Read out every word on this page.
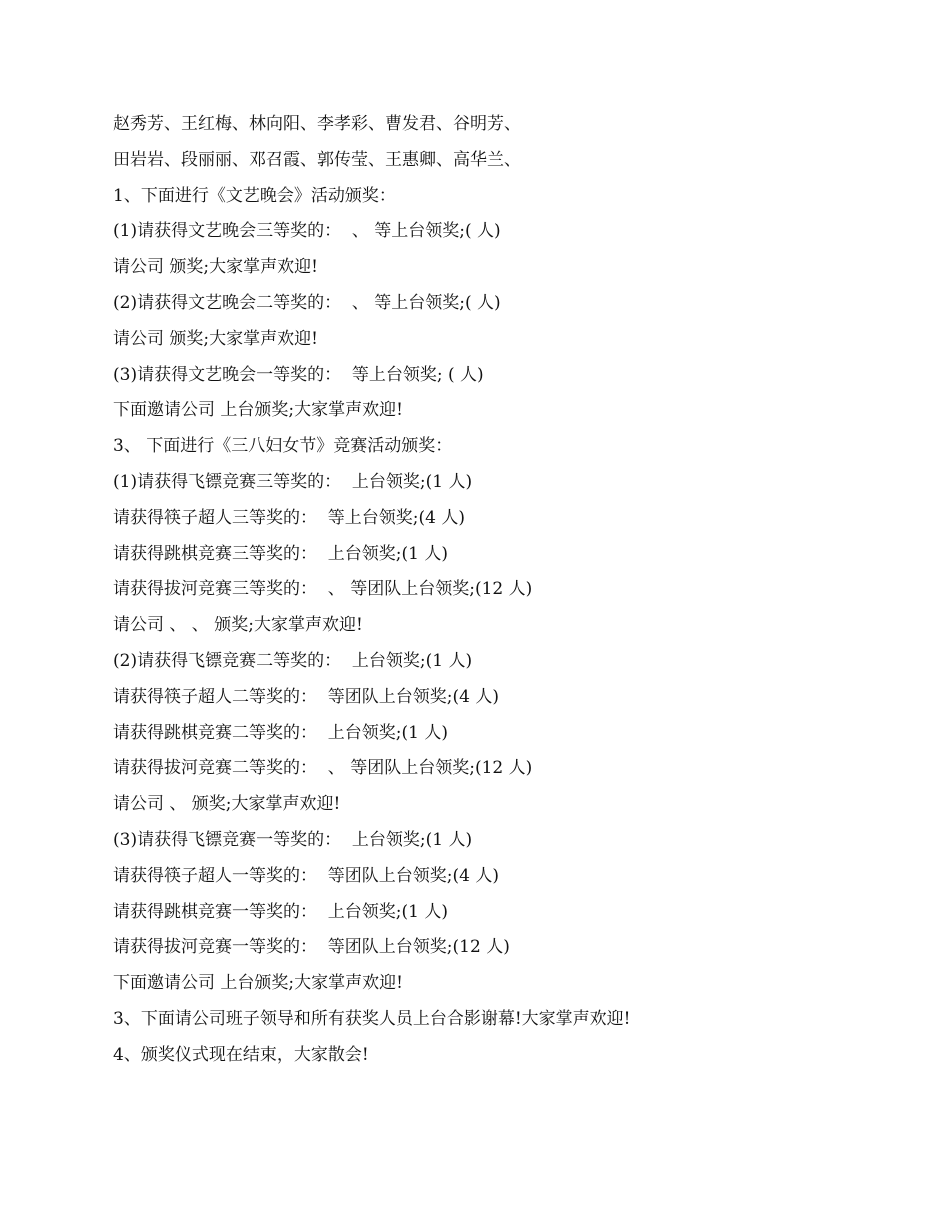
赵秀芳、王红梅、林向阳、李孝彩、曹发君、谷明芳、
田岩岩、段丽丽、邓召霞、郭传莹、王惠卿、高华兰、
1、下面进行《文艺晚会》活动颁奖：
(1)请获得文艺晚会三等奖的：  、 等上台领奖;( 人)
请公司 颁奖;大家掌声欢迎!
(2)请获得文艺晚会二等奖的：  、 等上台领奖;( 人)
请公司 颁奖;大家掌声欢迎!
(3)请获得文艺晚会一等奖的：  等上台领奖; ( 人)
下面邀请公司 上台颁奖;大家掌声欢迎!
3、 下面进行《三八妇女节》竞赛活动颁奖：
(1)请获得飞镖竞赛三等奖的：  上台领奖;(1 人)
请获得筷子超人三等奖的：  等上台领奖;(4 人)
请获得跳棋竞赛三等奖的：  上台领奖;(1 人)
请获得拔河竞赛三等奖的：  、 等团队上台领奖;(12 人)
请公司 、 、 颁奖;大家掌声欢迎!
(2)请获得飞镖竞赛二等奖的：  上台领奖;(1 人)
请获得筷子超人二等奖的：  等团队上台领奖;(4 人)
请获得跳棋竞赛二等奖的：  上台领奖;(1 人)
请获得拔河竞赛二等奖的：  、 等团队上台领奖;(12 人)
请公司 、 颁奖;大家掌声欢迎!
(3)请获得飞镖竞赛一等奖的：  上台领奖;(1 人)
请获得筷子超人一等奖的：  等团队上台领奖;(4 人)
请获得跳棋竞赛一等奖的：  上台领奖;(1 人)
请获得拔河竞赛一等奖的：  等团队上台领奖;(12 人)
下面邀请公司 上台颁奖;大家掌声欢迎!
3、下面请公司班子领导和所有获奖人员上台合影谢幕!大家掌声欢迎!
4、颁奖仪式现在结束，大家散会!
